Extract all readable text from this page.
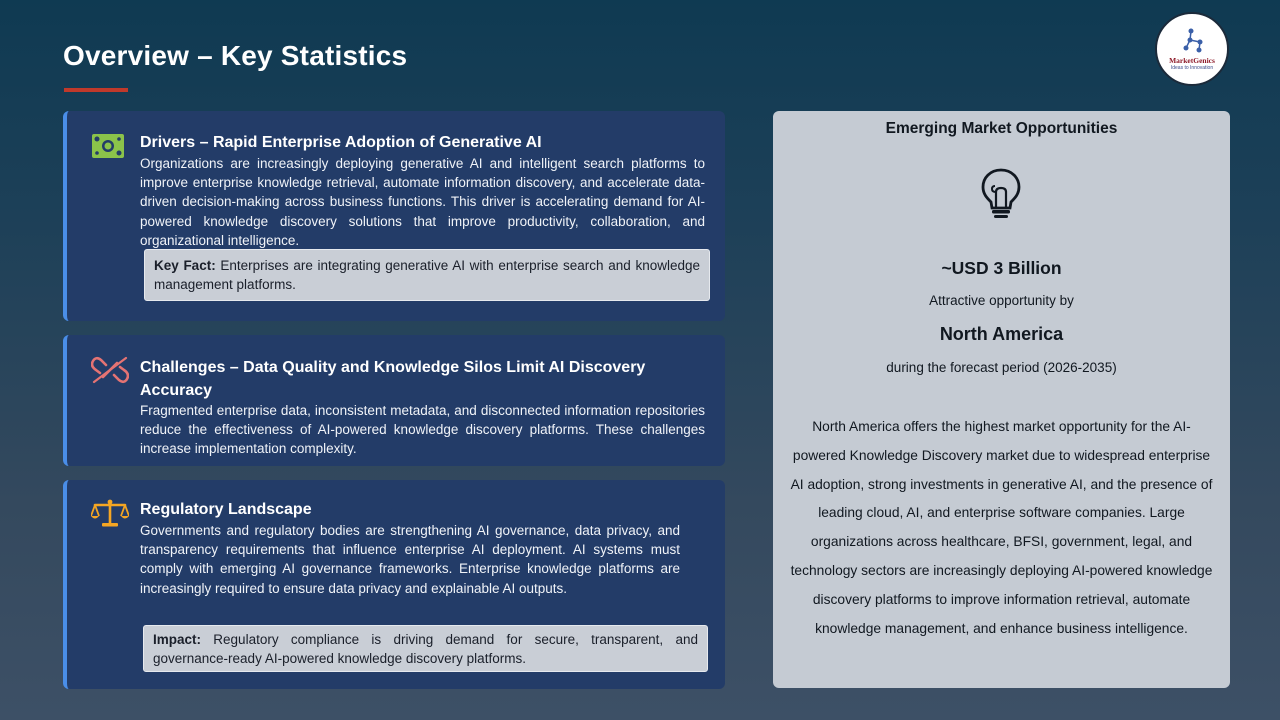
Overview – Key Statistics	MarketGenics
Ideas to Innovation
Drivers – Rapid Enterprise Adoption of Generative AI
Organizations are increasingly deploying generative AI and intelligent search platforms to improve enterprise knowledge retrieval, automate information discovery, and accelerate data-driven decision-making across business functions. This driver is accelerating demand for AI-powered knowledge discovery solutions that improve productivity, collaboration, and organizational intelligence.
Key Fact: Enterprises are integrating generative AI with enterprise search and knowledge management platforms.
Challenges – Data Quality and Knowledge Silos Limit AI Discovery Accuracy
Fragmented enterprise data, inconsistent metadata, and disconnected information repositories reduce the effectiveness of AI-powered knowledge discovery platforms. These challenges increase implementation complexity.
Regulatory Landscape
Governments and regulatory bodies are strengthening AI governance, data privacy, and transparency requirements that influence enterprise AI deployment. AI systems must comply with emerging AI governance frameworks. Enterprise knowledge platforms are increasingly required to ensure data privacy and explainable AI outputs.
Impact: Regulatory compliance is driving demand for secure, transparent, and governance-ready AI-powered knowledge discovery platforms.
Emerging Market Opportunities
~USD 3 Billion
Attractive opportunity by
North America
during the forecast period (2026-2035)
North America offers the highest market opportunity for the AI-powered Knowledge Discovery market due to widespread enterprise AI adoption, strong investments in generative AI, and the presence of leading cloud, AI, and enterprise software companies. Large organizations across healthcare, BFSI, government, legal, and technology sectors are increasingly deploying AI-powered knowledge discovery platforms to improve information retrieval, automate knowledge management, and enhance business intelligence.
